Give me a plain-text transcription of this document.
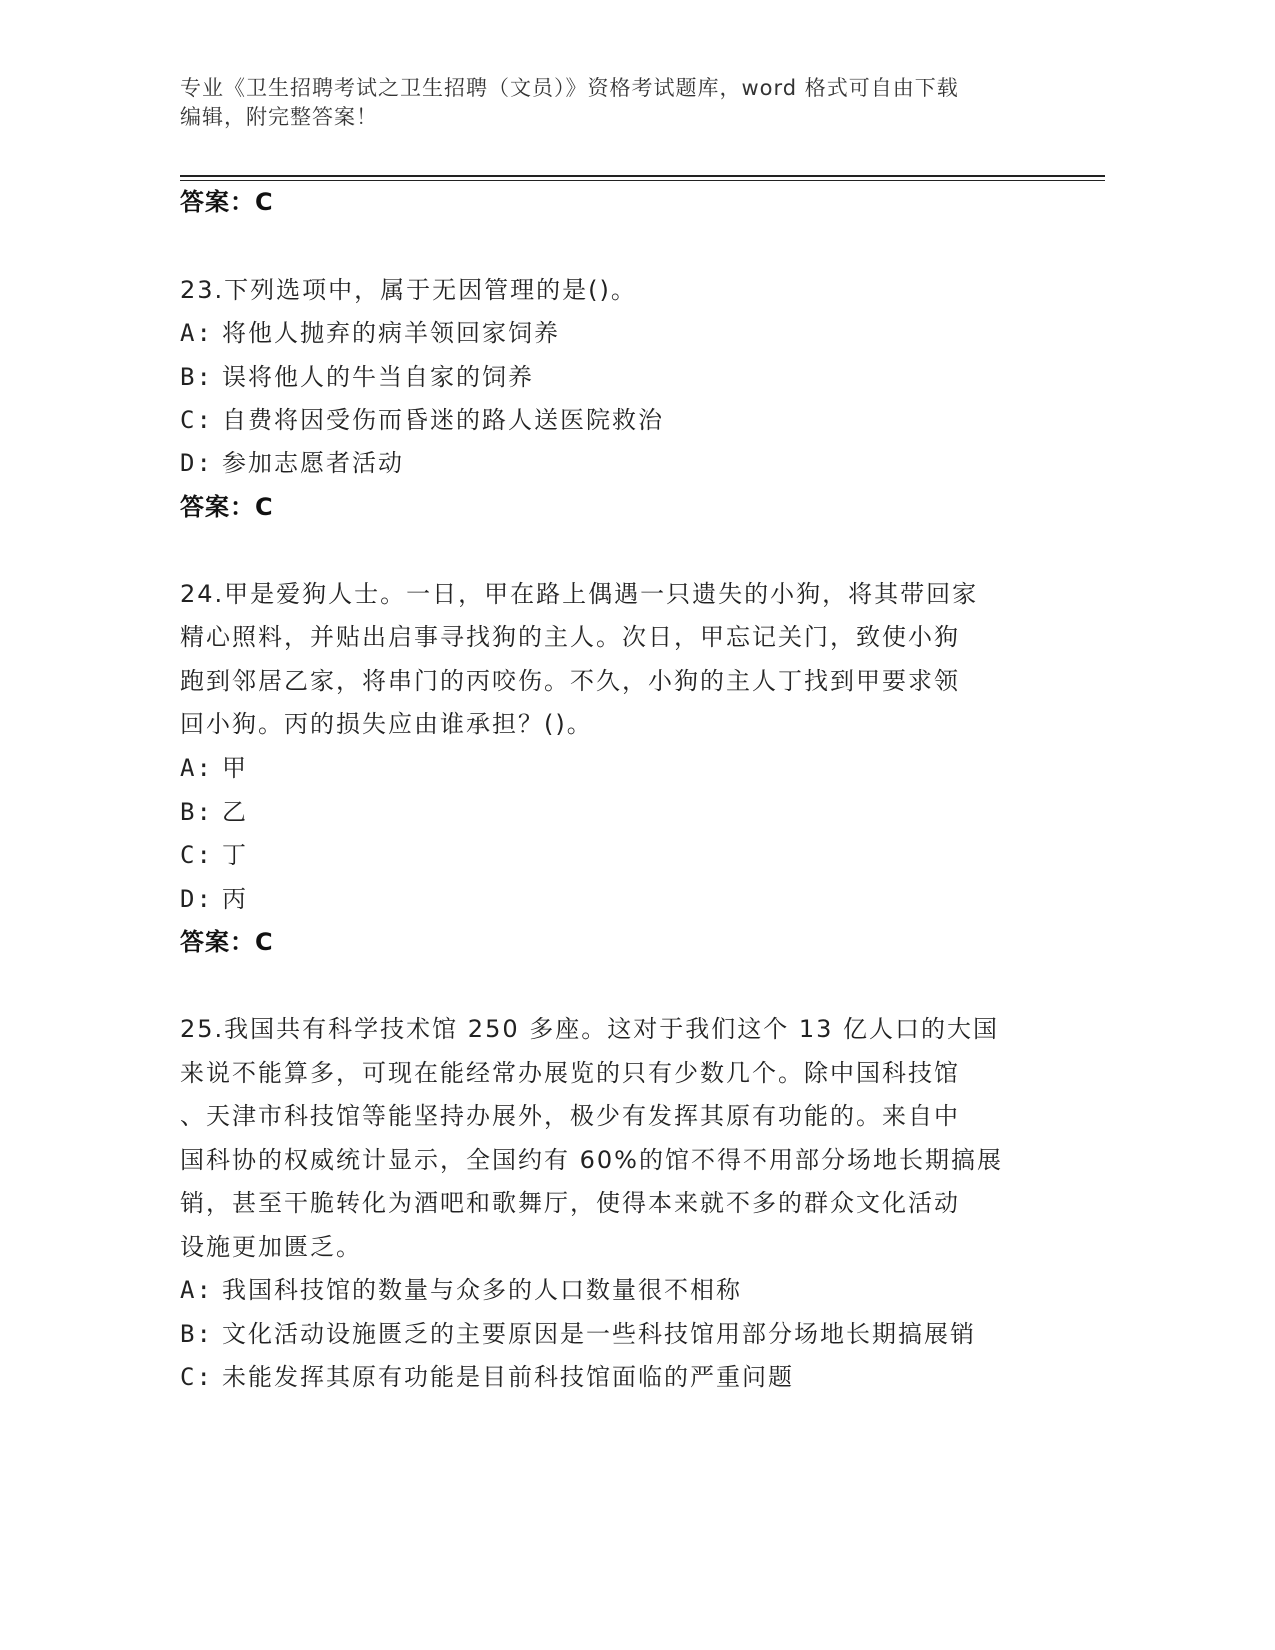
专业《卫生招聘考试之卫生招聘（文员）》资格考试题库，word 格式可自由下载
编辑，附完整答案！
答案：C
23.下列选项中，属于无因管理的是()。
A: 将他人抛弃的病羊领回家饲养
B: 误将他人的牛当自家的饲养
C: 自费将因受伤而昏迷的路人送医院救治
D: 参加志愿者活动
答案：C
24.甲是爱狗人士。一日，甲在路上偶遇一只遗失的小狗，将其带回家
精心照料，并贴出启事寻找狗的主人。次日，甲忘记关门，致使小狗
跑到邻居乙家，将串门的丙咬伤。不久，小狗的主人丁找到甲要求领
回小狗。丙的损失应由谁承担？()。
A: 甲
B: 乙
C: 丁
D: 丙
答案：C
25.我国共有科学技术馆 250 多座。这对于我们这个 13 亿人口的大国
来说不能算多，可现在能经常办展览的只有少数几个。除中国科技馆
、天津市科技馆等能坚持办展外，极少有发挥其原有功能的。来自中
国科协的权威统计显示，全国约有 60%的馆不得不用部分场地长期搞展
销，甚至干脆转化为酒吧和歌舞厅，使得本来就不多的群众文化活动
设施更加匮乏。
A: 我国科技馆的数量与众多的人口数量很不相称
B: 文化活动设施匮乏的主要原因是一些科技馆用部分场地长期搞展销
C: 未能发挥其原有功能是目前科技馆面临的严重问题
